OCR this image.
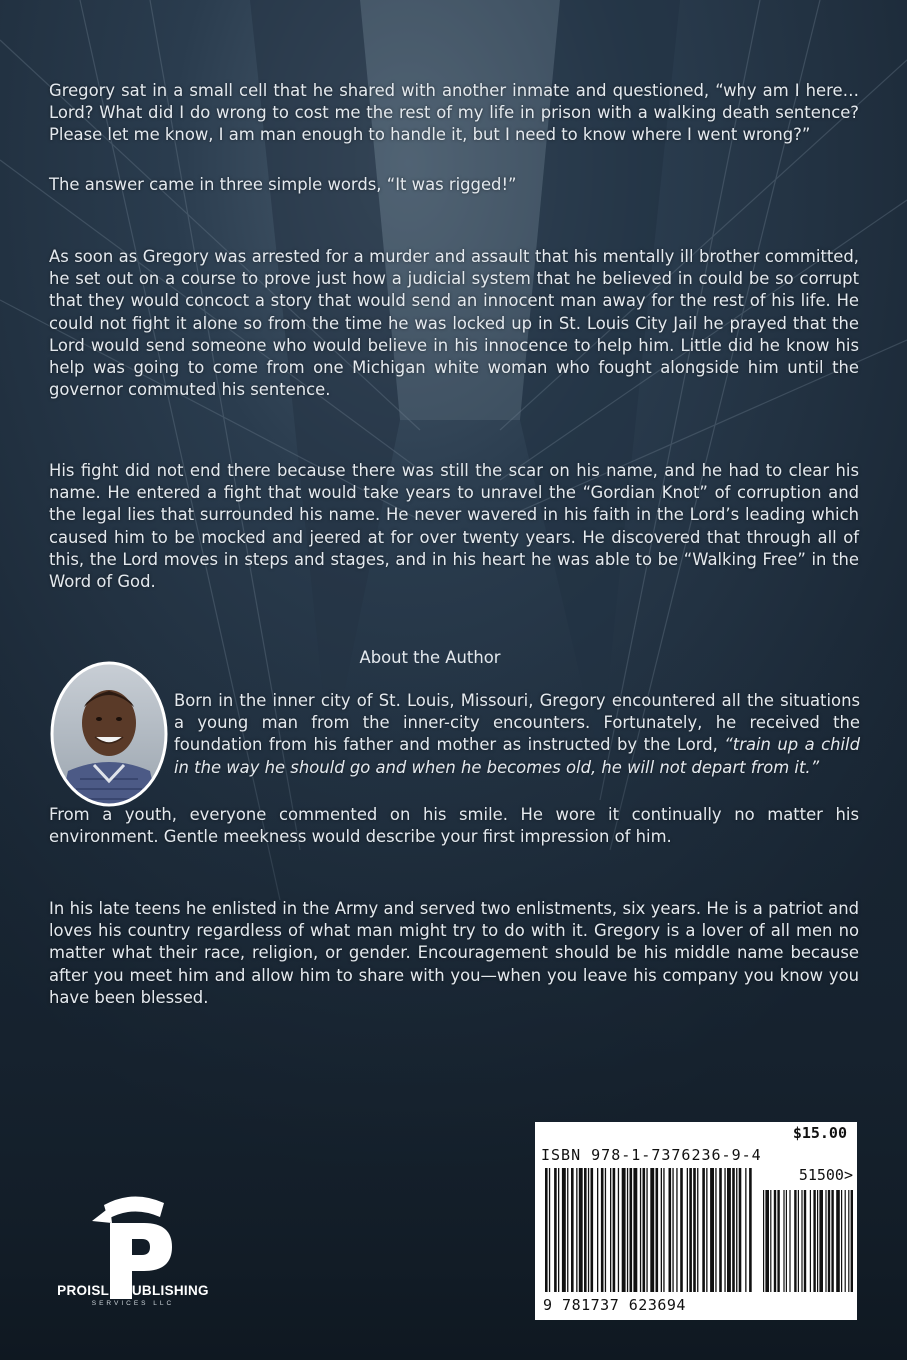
Gregory sat in a small cell that he shared with another inmate and questioned, “why am I here…Lord? What did I do wrong to cost me the rest of my life in prison with a walking death sentence? Please let me know, I am man enough to handle it, but I need to know where I went wrong?”

The answer came in three simple words, “It was rigged!”

As soon as Gregory was arrested for a murder and assault that his mentally ill brother committed, he set out on a course to prove just how a judicial system that he believed in could be so corrupt that they would concoct a story that would send an innocent man away for the rest of his life. He could not fight it alone so from the time he was locked up in St. Louis City Jail he prayed that the Lord would send someone who would believe in his innocence to help him. Little did he know his help was going to come from one Michigan white woman who fought alongside him until the governor commuted his sentence.

His fight did not end there because there was still the scar on his name, and he had to clear his name. He entered a fight that would take years to unravel the “Gordian Knot” of corruption and the legal lies that surrounded his name. He never wavered in his faith in the Lord’s leading which caused him to be mocked and jeered at for over twenty years. He discovered that through all of this, the Lord moves in steps and stages, and in his heart he was able to be “Walking Free” in the Word of God.

About the Author

Born in the inner city of St. Louis, Missouri, Gregory encountered all the situations a young man from the inner-city encounters. Fortunately, he received the foundation from his father and mother as instructed by the Lord, “train up a child in the way he should go and when he becomes old, he will not depart from it.”

From a youth, everyone commented on his smile. He wore it continually no matter his environment. Gentle meekness would describe your first impression of him.

In his late teens he enlisted in the Army and served two enlistments, six years. He is a patriot and loves his country regardless of what man might try to do with it. Gregory is a lover of all men no matter what their race, religion, or gender. Encouragement should be his middle name because after you meet him and allow him to share with you—when you leave his company you know you have been blessed.

$15.00
ISBN 978-1-7376236-9-4
51500>
9 781737 623694

PROISLE PUBLISHING

SERVICES LLC
